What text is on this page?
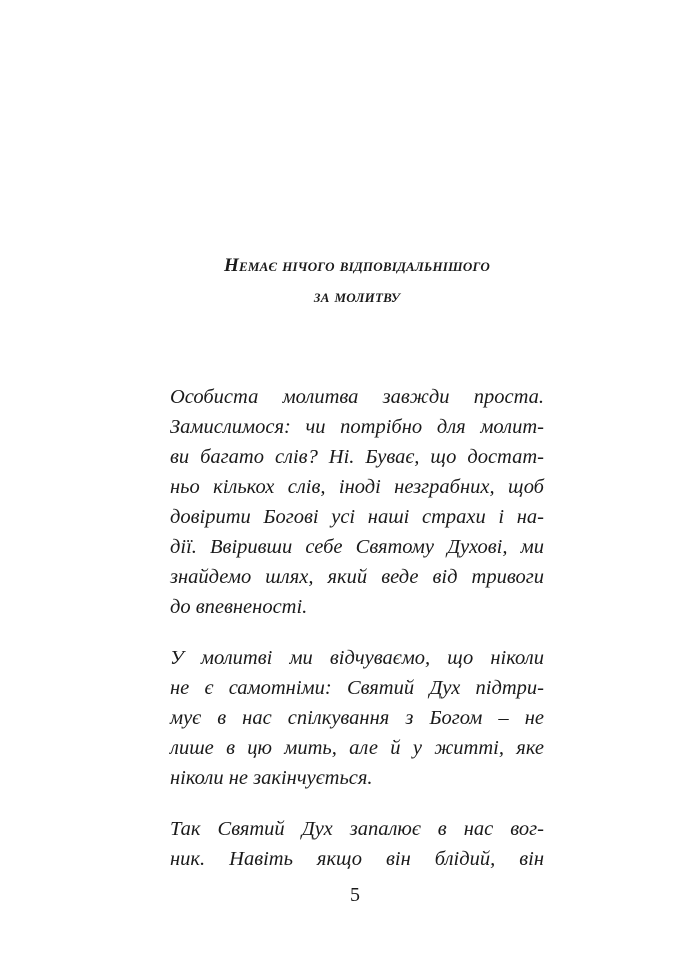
Немає нічого відповідальнішого
за молитву

Особиста молитва завжди проста.
Замислимося: чи потрібно для молит-
ви багато слів? Ні. Буває, що достат-
ньо кількох слів, іноді незграбних, щоб
довірити Богові усі наші страхи і на-
дії. Ввіривши себе Святому Духові, ми
знайдемо шлях, який веде від тривоги
до впевненості.

У молитві ми відчуваємо, що ніколи
не є самотніми: Святий Дух підтри-
мує в нас спілкування з Богом – не
лише в цю мить, але й у житті, яке
ніколи не закінчується.

Так Святий Дух запалює в нас вог-
ник. Навіть якщо він блідий, він

5
